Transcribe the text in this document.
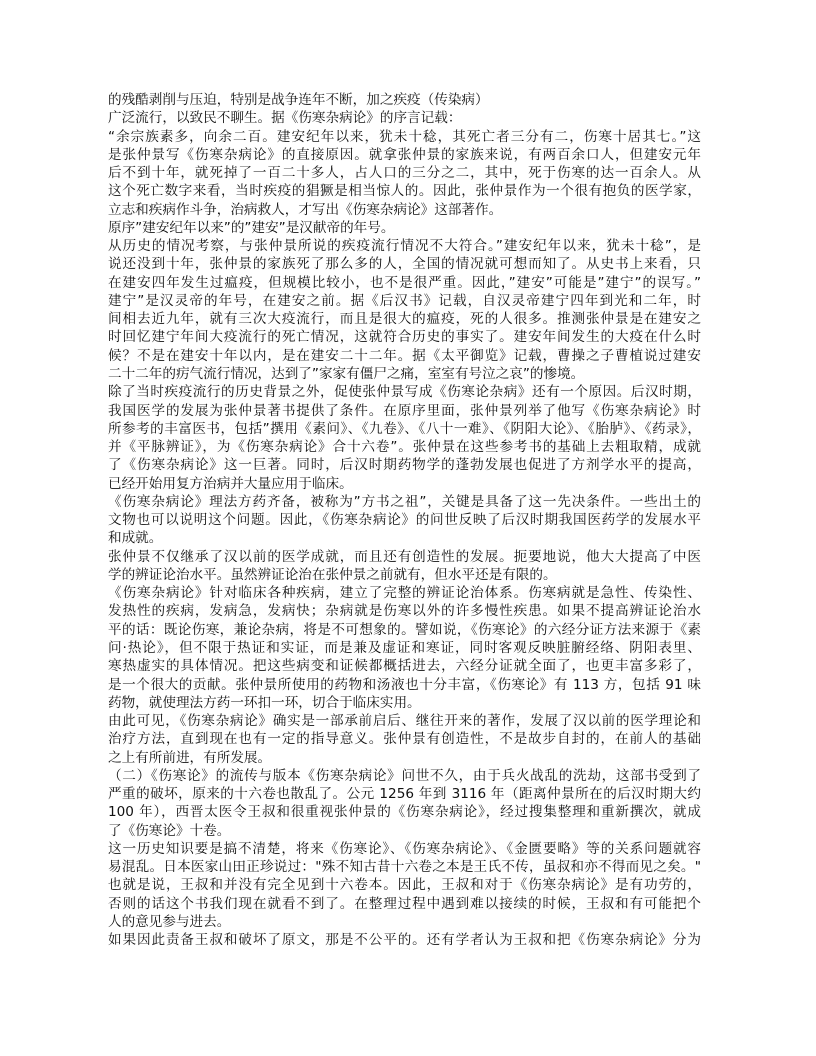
的残酷剥削与压迫，特别是战争连年不断，加之疾疫（传染病）
广泛流行，以致民不聊生。据《伤寒杂病论》的序言记载：
“余宗族素多，向余二百。建安纪年以来，犹未十稔，其死亡者三分有二，伤寒十居其七。”这
是张仲景写《伤寒杂病论》的直接原因。就拿张仲景的家族来说，有两百余口人，但建安元年
后不到十年，就死掉了一百二十多人，占人口的三分之二，其中，死于伤寒的达一百余人。从
这个死亡数字来看，当时疾疫的猖獗是相当惊人的。因此，张仲景作为一个很有抱负的医学家，
立志和疾病作斗争，治病救人，才写出《伤寒杂病论》这部著作。
原序”建安纪年以来”的”建安”是汉献帝的年号。
从历史的情况考察，与张仲景所说的疾疫流行情况不大符合。”建安纪年以来，犹未十稔”，是
说还没到十年，张仲景的家族死了那么多的人，全国的情况就可想而知了。从史书上来看，只
在建安四年发生过瘟疫，但规模比较小，也不是很严重。因此，”建安”可能是”建宁”的误写。”
建宁”是汉灵帝的年号，在建安之前。据《后汉书》记载，自汉灵帝建宁四年到光和二年，时
间相去近九年，就有三次大疫流行，而且是很大的瘟疫，死的人很多。推测张仲景是在建安之
时回忆建宁年间大疫流行的死亡情况，这就符合历史的事实了。建安年间发生的大疫在什么时
候？不是在建安十年以内，是在建安二十二年。据《太平御览》记载，曹操之子曹植说过建安
二十二年的疠气流行情况，达到了”家家有僵尸之痛，室室有号泣之哀”的惨境。
除了当时疾疫流行的历史背景之外，促使张仲景写成《伤寒论杂病》还有一个原因。后汉时期，
我国医学的发展为张仲景著书提供了条件。在原序里面，张仲景列举了他写《伤寒杂病论》时
所参考的丰富医书，包括”撰用《素问》、《九卷》、《八十一难》、《阴阳大论》、《胎胪》、《药录》，
并《平脉辨证》，为《伤寒杂病论》合十六卷”。张仲景在这些参考书的基础上去粗取精，成就
了《伤寒杂病论》这一巨著。同时，后汉时期药物学的蓬勃发展也促进了方剂学水平的提高，
已经开始用复方治病并大量应用于临床。
《伤寒杂病论》理法方药齐备，被称为”方书之祖”，关键是具备了这一先决条件。一些出土的
文物也可以说明这个问题。因此，《伤寒杂病论》的问世反映了后汉时期我国医药学的发展水平
和成就。
张仲景不仅继承了汉以前的医学成就，而且还有创造性的发展。扼要地说，他大大提高了中医
学的辨证论治水平。虽然辨证论治在张仲景之前就有，但水平还是有限的。
《伤寒杂病论》针对临床各种疾病，建立了完整的辨证论治体系。伤寒病就是急性、传染性、
发热性的疾病，发病急，发病快；杂病就是伤寒以外的许多慢性疾患。如果不提高辨证论治水
平的话：既论伤寒，兼论杂病，将是不可想象的。譬如说，《伤寒论》的六经分证方法来源于《素
问·热论》，但不限于热证和实证，而是兼及虚证和寒证，同时客观反映脏腑经络、阴阳表里、
寒热虚实的具体情况。把这些病变和证候都概括进去，六经分证就全面了，也更丰富多彩了，
是一个很大的贡献。张仲景所使用的药物和汤液也十分丰富，《伤寒论》有 113 方，包括 91 味
药物，就使理法方药一环扣一环，切合于临床实用。
由此可见，《伤寒杂病论》确实是一部承前启后、继往开来的著作，发展了汉以前的医学理论和
治疗方法，直到现在也有一定的指导意义。张仲景有创造性，不是故步自封的，在前人的基础
之上有所前进，有所发展。
（二）《伤寒论》的流传与版本《伤寒杂病论》问世不久，由于兵火战乱的洗劫，这部书受到了
严重的破坏，原来的十六卷也散乱了。公元 1256 年到 3116 年（距离仲景所在的后汉时期大约
100 年），西晋太医令王叔和很重视张仲景的《伤寒杂病论》，经过搜集整理和重新撰次，就成
了《伤寒论》十卷。
这一历史知识要是搞不清楚，将来《伤寒论》、《伤寒杂病论》、《金匮要略》等的关系问题就容
易混乱。日本医家山田正珍说过："殊不知古昔十六卷之本是王氏不传，虽叔和亦不得而见之矣。"
也就是说，王叔和并没有完全见到十六卷本。因此，王叔和对于《伤寒杂病论》是有功劳的，
否则的话这个书我们现在就看不到了。在整理过程中遇到难以接续的时候，王叔和有可能把个
人的意见参与进去。
如果因此责备王叔和破坏了原文，那是不公平的。还有学者认为王叔和把《伤寒杂病论》分为
